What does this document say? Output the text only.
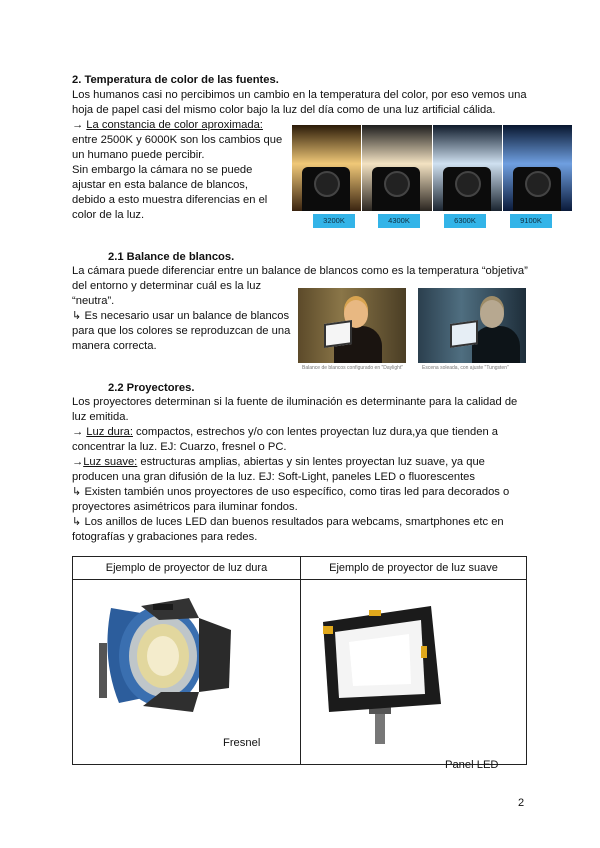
2. Temperatura de color de las fuentes.
Los humanos casi no percibimos un cambio en la temperatura del color, por eso vemos una
hoja de papel casi del mismo color bajo la luz del día como de una luz artificial cálida.
→ La constancia de color aproximada:
entre 2500K y 6000K son los cambios que
un humano puede percibir.
Sin embargo la cámara no se puede
ajustar en esta balance de blancos,
debido a esto muestra diferencias en el
color de la luz.	3200K	4300K	6300K	9100K
2.1 Balance de blancos.
La cámara puede diferenciar entre un balance de blancos como es la temperatura “objetiva”
del entorno y determinar cuál es la luz
“neutra”.
↳ Es necesario usar un balance de blancos
para que los colores se reproduzcan de una
manera correcta.
Balance de blancos configurado en "Daylight"	Escena soleada, con ajuste "Tungsten"
2.2 Proyectores.
Los proyectores determinan si la fuente de iluminación es determinante para la calidad de
luz emitida.
→ Luz dura: compactos, estrechos y/o con lentes proyectan luz dura,ya que tienden a
concentrar la luz. EJ: Cuarzo, fresnel o PC.
→Luz suave: estructuras amplias, abiertas y sin lentes proyectan luz suave, ya que
producen una gran difusión de la luz. EJ: Soft-Light, paneles LED o fluorescentes
↳ Existen también unos proyectores de uso específico, como tiras led para decorados o
proyectores asimétricos para iluminar fondos.
↳ Los anillos de luces LED dan buenos resultados para webcams, smartphones etc en
fotografías y grabaciones para redes.
Ejemplo de proyector de luz dura	Ejemplo de proyector de luz suave

Fresnel	Panel LED
2
